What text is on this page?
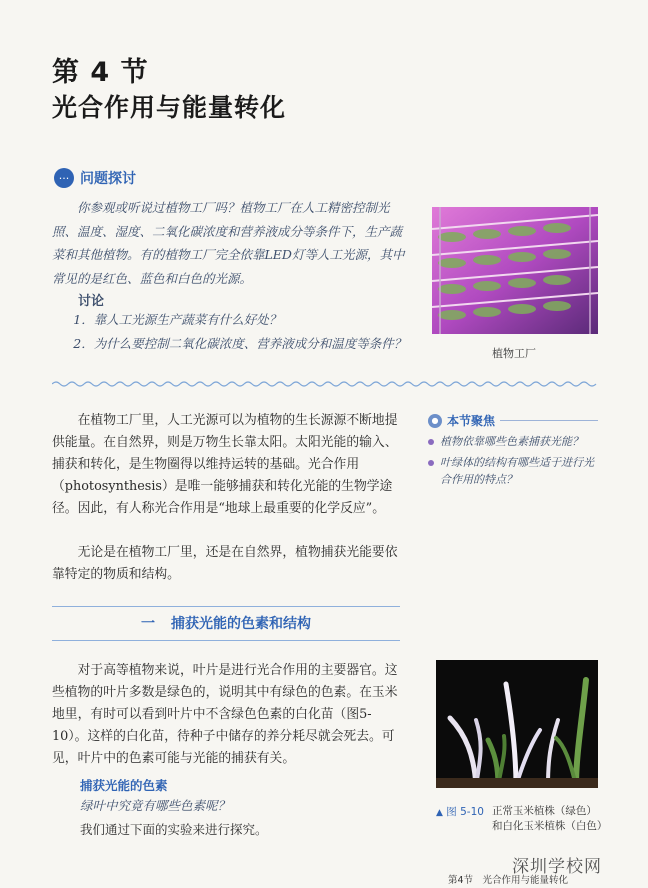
第 4 节
光合作用与能量转化
··· 问题探讨
你参观或听说过植物工厂吗？植物工厂在人工精密控制光照、温度、湿度、二氧化碳浓度和营养液成分等条件下，生产蔬菜和其他植物。有的植物工厂完全依靠LED灯等人工光源，其中常见的是红色、蓝色和白色的光源。
讨论
1．靠人工光源生产蔬菜有什么好处？
2．为什么要控制二氧化碳浓度、营养液成分和温度等条件？
植物工厂
在植物工厂里，人工光源可以为植物的生长源源不断地提供能量。在自然界，则是万物生长靠太阳。太阳光能的输入、捕获和转化，是生物圈得以维持运转的基础。光合作用（photosynthesis）是唯一能够捕获和转化光能的生物学途径。因此，有人称光合作用是“地球上最重要的化学反应”。
无论是在植物工厂里，还是在自然界，植物捕获光能要依靠特定的物质和结构。
● 本节聚焦
植物依靠哪些色素捕获光能？
叶绿体的结构有哪些适于进行光合作用的特点？
一 捕获光能的色素和结构
对于高等植物来说，叶片是进行光合作用的主要器官。这些植物的叶片多数是绿色的，说明其中有绿色的色素。在玉米地里，有时可以看到叶片中不含绿色色素的白化苗（图5-10）。这样的白化苗，待种子中储存的养分耗尽就会死去。可见，叶片中的色素可能与光能的捕获有关。
捕获光能的色素
绿叶中究竟有哪些色素呢？
我们通过下面的实验来进行探究。
▲ 图 5-10 正常玉米植株（绿色）和白化玉米植株（白色）
第4节　光合作用与能量转化
深圳学校网
